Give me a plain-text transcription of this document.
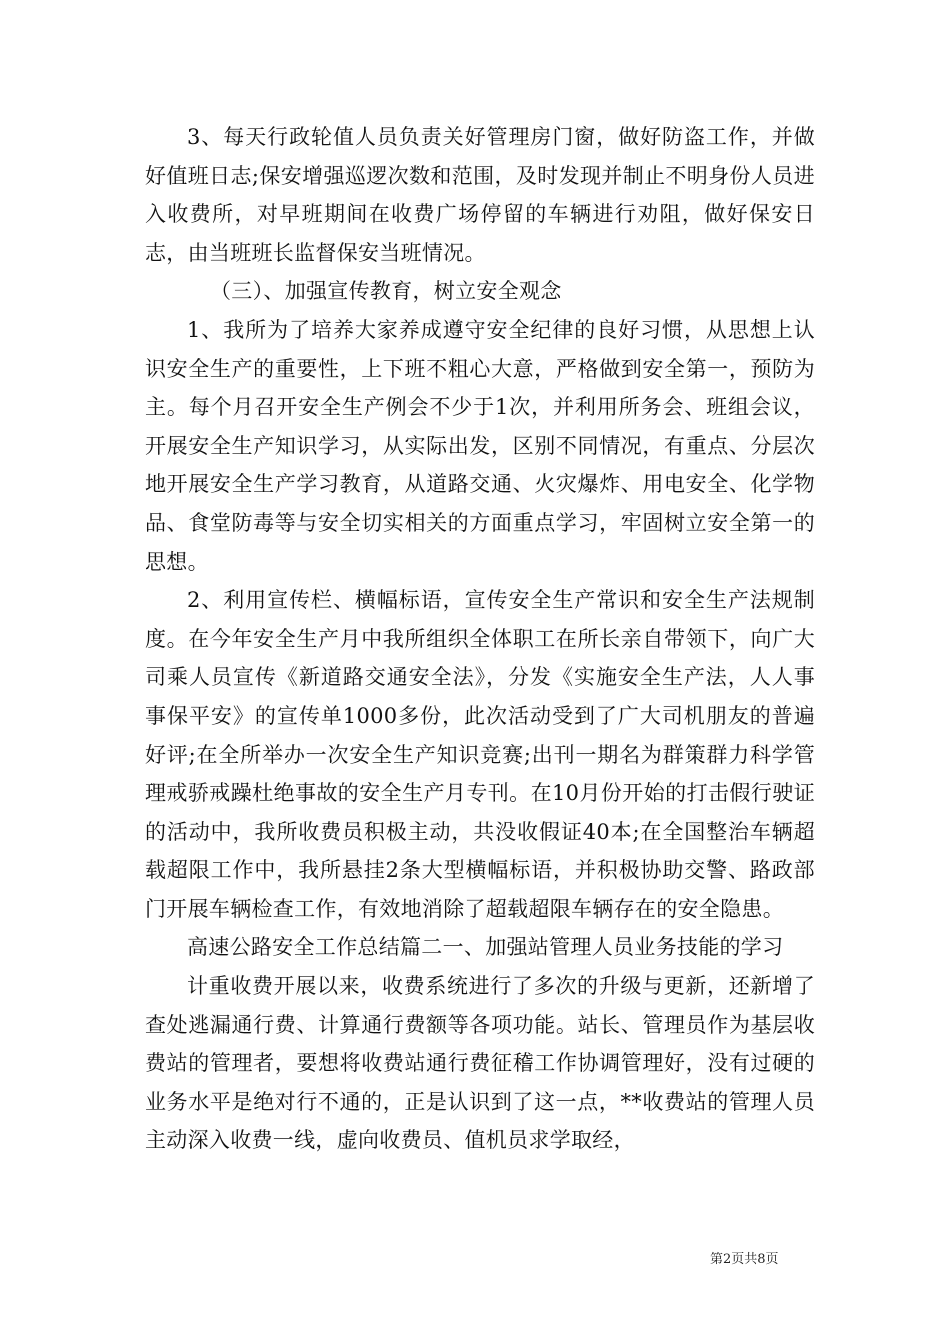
3、每天行政轮值人员负责关好管理房门窗，做好防盗工作，并做好值班日志;保安增强巡逻次数和范围，及时发现并制止不明身份人员进入收费所，对早班期间在收费广场停留的车辆进行劝阻，做好保安日志，由当班班长监督保安当班情况。

（三）、加强宣传教育，树立安全观念

1、我所为了培养大家养成遵守安全纪律的良好习惯，从思想上认识安全生产的重要性，上下班不粗心大意，严格做到安全第一，预防为主。每个月召开安全生产例会不少于1次，并利用所务会、班组会议，开展安全生产知识学习，从实际出发，区别不同情况，有重点、分层次地开展安全生产学习教育，从道路交通、火灾爆炸、用电安全、化学物品、食堂防毒等与安全切实相关的方面重点学习，牢固树立安全第一的思想。

2、利用宣传栏、横幅标语，宣传安全生产常识和安全生产法规制度。在今年安全生产月中我所组织全体职工在所长亲自带领下，向广大司乘人员宣传《新道路交通安全法》，分发《实施安全生产法，人人事事保平安》的宣传单1000多份，此次活动受到了广大司机朋友的普遍好评;在全所举办一次安全生产知识竞赛;出刊一期名为群策群力科学管理戒骄戒躁杜绝事故的安全生产月专刊。在10月份开始的打击假行驶证的活动中，我所收费员积极主动，共没收假证40本;在全国整治车辆超载超限工作中，我所悬挂2条大型横幅标语，并积极协助交警、路政部门开展车辆检查工作，有效地消除了超载超限车辆存在的安全隐患。

高速公路安全工作总结篇二一、加强站管理人员业务技能的学习

计重收费开展以来，收费系统进行了多次的升级与更新，还新增了查处逃漏通行费、计算通行费额等各项功能。站长、管理员作为基层收费站的管理者，要想将收费站通行费征稽工作协调管理好，没有过硬的业务水平是绝对行不通的，正是认识到了这一点，**收费站的管理人员主动深入收费一线，虚向收费员、值机员求学取经，

第2页共8页
